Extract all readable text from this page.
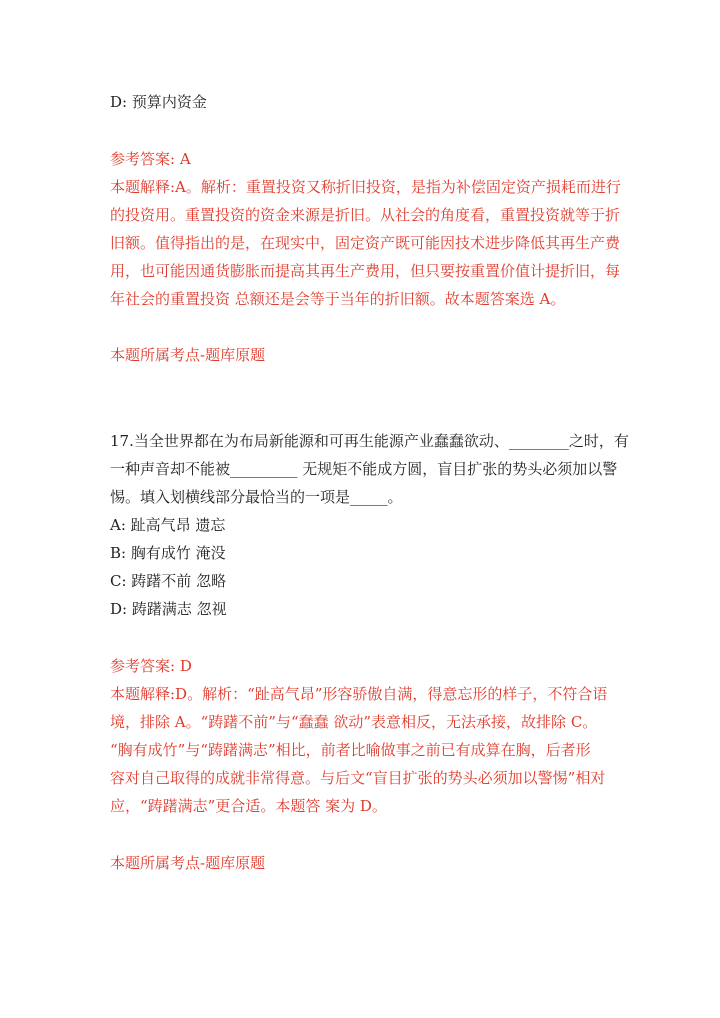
D: 预算内资金
参考答案: A
本题解释:A。解析：重置投资又称折旧投资，是指为补偿固定资产损耗而进行
的投资用。重置投资的资金来源是折旧。从社会的角度看，重置投资就等于折
旧额。值得指出的是，在现实中，固定资产既可能因技术进步降低其再生产费
用，也可能因通货膨胀而提高其再生产费用，但只要按重置价值计提折旧，每
年社会的重置投资 总额还是会等于当年的折旧额。故本题答案选 A。
本题所属考点-题库原题
17.当全世界都在为布局新能源和可再生能源产业蠢蠢欲动、________之时，有
一种声音却不能被_________ 无规矩不能成方圆，盲目扩张的势头必须加以警
惕。填入划横线部分最恰当的一项是_____。
A: 趾高气昂 遗忘
B: 胸有成竹 淹没
C: 踌躇不前 忽略
D: 踌躇满志 忽视
参考答案: D
本题解释:D。解析：“趾高气昂”形容骄傲自满，得意忘形的样子，不符合语
境，排除 A。“踌躇不前”与“蠢蠢 欲动”表意相反，无法承接，故排除 C。
“胸有成竹”与“踌躇满志”相比，前者比喻做事之前已有成算在胸，后者形
容对自己取得的成就非常得意。与后文“盲目扩张的势头必须加以警惕”相对
应，“踌躇满志”更合适。本题答 案为 D。
本题所属考点-题库原题
